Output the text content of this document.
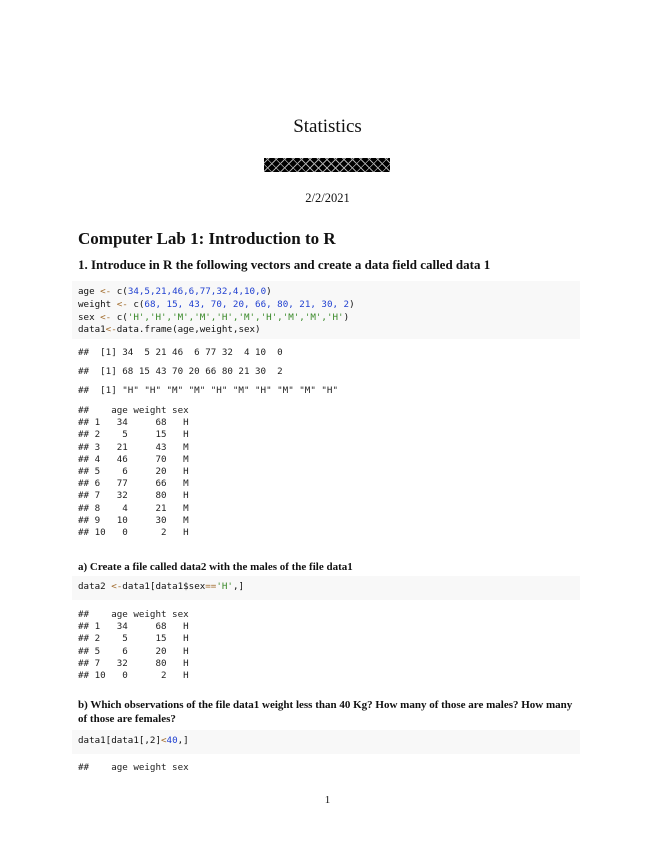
Statistics
2/2/2021
Computer Lab 1: Introduction to R
1. Introduce in R the following vectors and create a data field called data 1
age <- c(34,5,21,46,6,77,32,4,10,0)
weight <- c(68, 15, 43, 70, 20, 66, 80, 21, 30, 2)
sex <- c('H','H','M','M','H','M','H','M','M','H')
data1<-data.frame(age,weight,sex)
##  [1] 34  5 21 46  6 77 32  4 10  0
##  [1] 68 15 43 70 20 66 80 21 30  2
##  [1] "H" "H" "M" "M" "H" "M" "H" "M" "M" "H"
##    age weight sex
## 1   34     68   H
## 2    5     15   H
## 3   21     43   M
## 4   46     70   M
## 5    6     20   H
## 6   77     66   M
## 7   32     80   H
## 8    4     21   M
## 9   10     30   M
## 10   0      2   H
a) Create a file called data2 with the males of the file data1
data2 <-data1[data1$sex=='H',]
##    age weight sex
## 1   34     68   H
## 2    5     15   H
## 5    6     20   H
## 7   32     80   H
## 10   0      2   H
b) Which observations of the file data1 weight less than 40 Kg? How many of those are males? How many of those are females?
data1[data1[,2]<40,]
##    age weight sex
1
